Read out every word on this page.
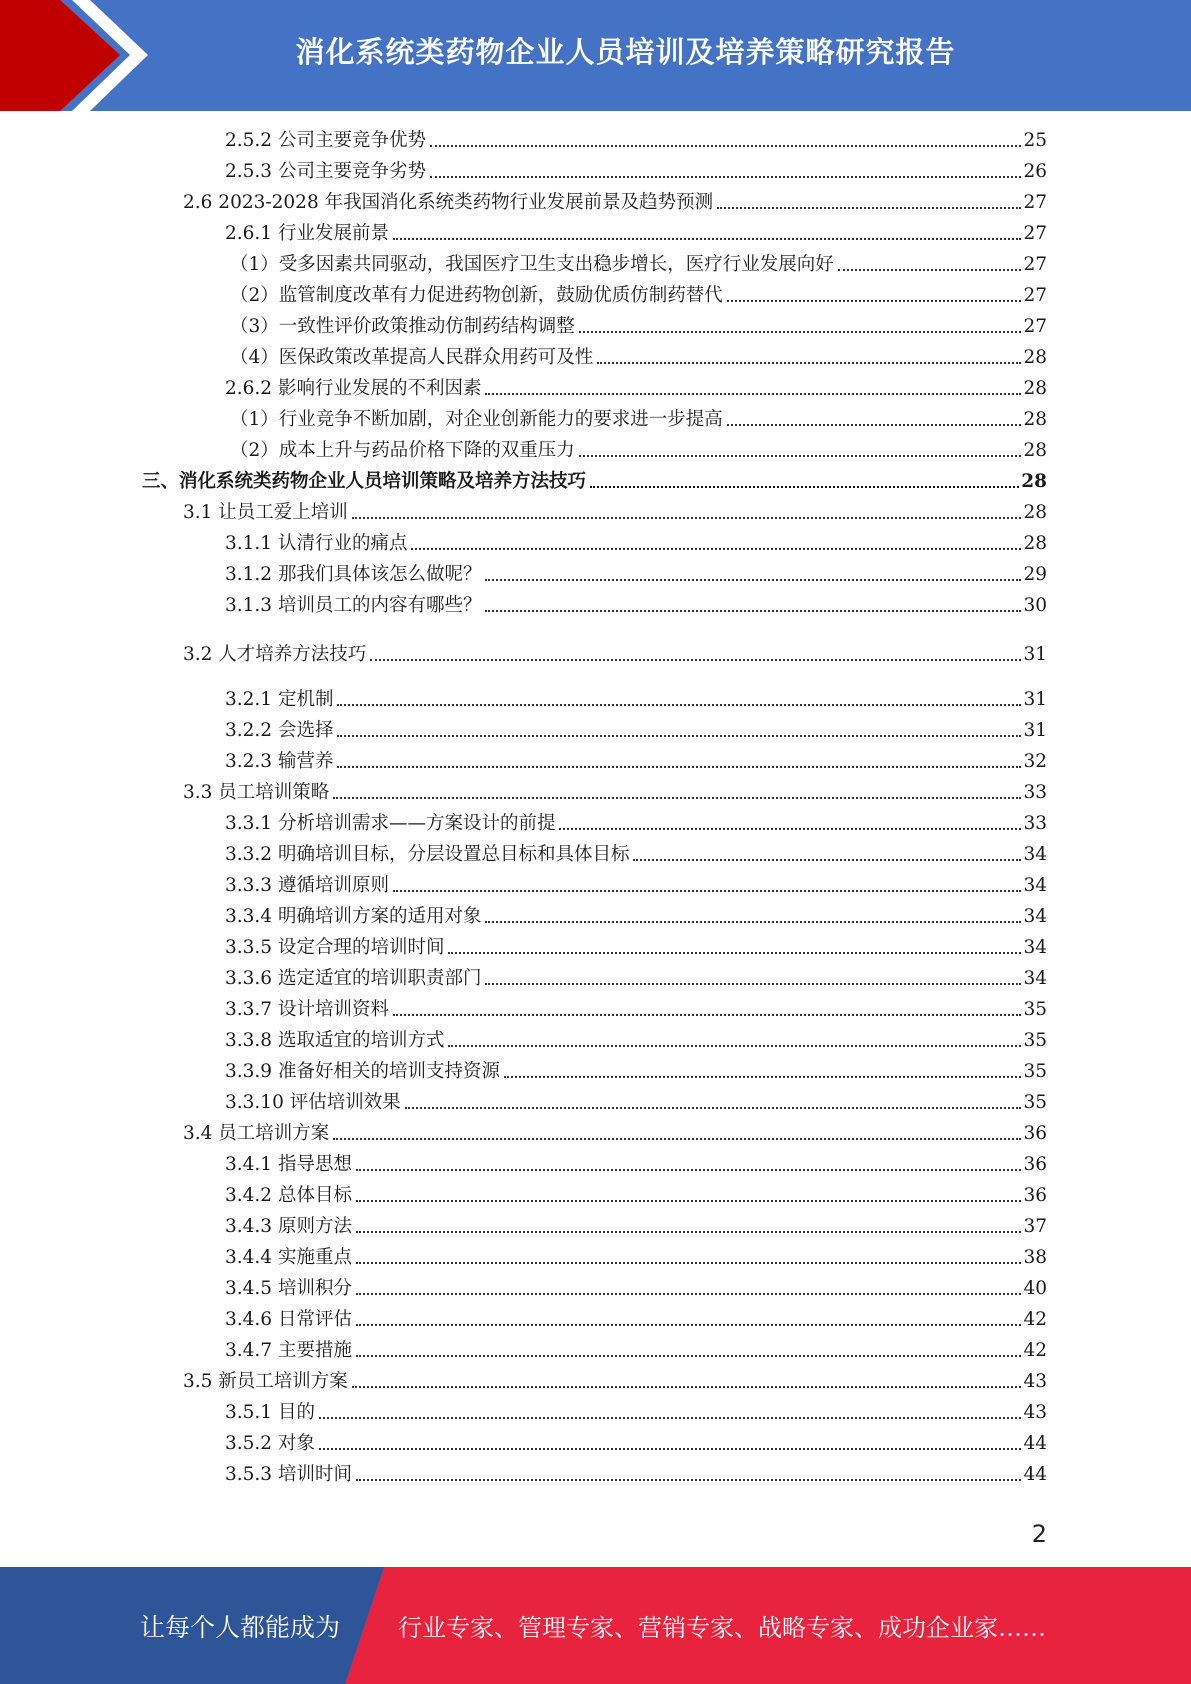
消化系统类药物企业人员培训及培养策略研究报告
2.5.2 公司主要竞争优势	25
2.5.3 公司主要竞争劣势	26
2.6 2023-2028 年我国消化系统类药物行业发展前景及趋势预测	27
2.6.1 行业发展前景	27
（1）受多因素共同驱动，我国医疗卫生支出稳步增长，医疗行业发展向好	27
（2）监管制度改革有力促进药物创新，鼓励优质仿制药替代	27
（3）一致性评价政策推动仿制药结构调整	27
（4）医保政策改革提高人民群众用药可及性	28
2.6.2 影响行业发展的不利因素	28
（1）行业竞争不断加剧，对企业创新能力的要求进一步提高	28
（2）成本上升与药品价格下降的双重压力	28
三、消化系统类药物企业人员培训策略及培养方法技巧	28
3.1 让员工爱上培训	28
3.1.1 认清行业的痛点	28
3.1.2 那我们具体该怎么做呢？	29
3.1.3 培训员工的内容有哪些？	30
3.2 人才培养方法技巧	31
3.2.1 定机制	31
3.2.2 会选择	31
3.2.3 输营养	32
3.3 员工培训策略	33
3.3.1 分析培训需求——方案设计的前提	33
3.3.2 明确培训目标，分层设置总目标和具体目标	34
3.3.3 遵循培训原则	34
3.3.4 明确培训方案的适用对象	34
3.3.5 设定合理的培训时间	34
3.3.6 选定适宜的培训职责部门	34
3.3.7 设计培训资料	35
3.3.8 选取适宜的培训方式	35
3.3.9 准备好相关的培训支持资源	35
3.3.10 评估培训效果	35
3.4 员工培训方案	36
3.4.1 指导思想	36
3.4.2 总体目标	36
3.4.3 原则方法	37
3.4.4 实施重点	38
3.4.5 培训积分	40
3.4.6 日常评估	42
3.4.7 主要措施	42
3.5 新员工培训方案	43
3.5.1 目的	43
3.5.2 对象	44
3.5.3 培训时间	44
2
让每个人都能成为 行业专家、管理专家、营销专家、战略专家、成功企业家……
